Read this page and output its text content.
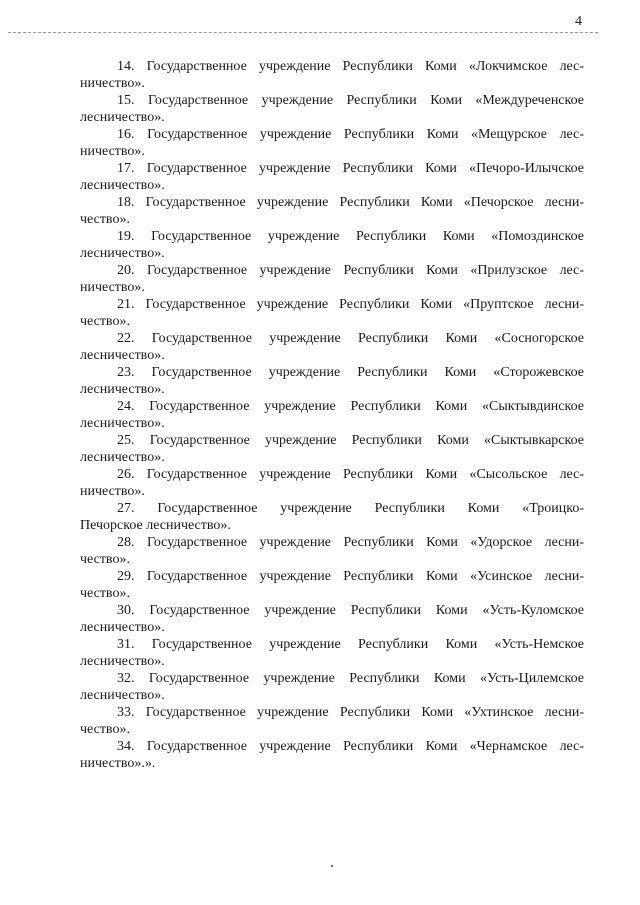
4

14. Государственное учреждение Республики Коми «Локчимское лес-
ничество».

15. Государственное учреждение Республики Коми «Междуреченское
лесничество».

16. Государственное учреждение Республики Коми «Мещурское лес-
ничество».

17. Государственное учреждение Республики Коми «Печоро-Илычское
лесничество».

18. Государственное учреждение Республики Коми «Печорское лесни-
чество».

19. Государственное учреждение Республики Коми «Помоздинское
лесничество».

20. Государственное учреждение Республики Коми «Прилузское лес-
ничество».

21. Государственное учреждение Республики Коми «Пруптское лесни-
чество».

22. Государственное учреждение Республики Коми «Сосногорское
лесничество».

23. Государственное учреждение Республики Коми «Сторожевское
лесничество».

24. Государственное учреждение Республики Коми «Сыктывдинское
лесничество».

25. Государственное учреждение Республики Коми «Сыктывкарское
лесничество».

26. Государственное учреждение Республики Коми «Сысольское лес-
ничество».

27. Государственное учреждение Республики Коми «Троицко-
Печорское лесничество».

28. Государственное учреждение Республики Коми «Удорское лесни-
чество».

29. Государственное учреждение Республики Коми «Усинское лесни-
чество».

30. Государственное учреждение Республики Коми «Усть-Куломское
лесничество».

31. Государственное учреждение Республики Коми «Усть-Немское
лесничество».

32. Государственное учреждение Республики Коми «Усть-Цилемское
лесничество».

33. Государственное учреждение Республики Коми «Ухтинское лесни-
чество».

34. Государственное учреждение Республики Коми «Чернамское лес-
ничество».».
